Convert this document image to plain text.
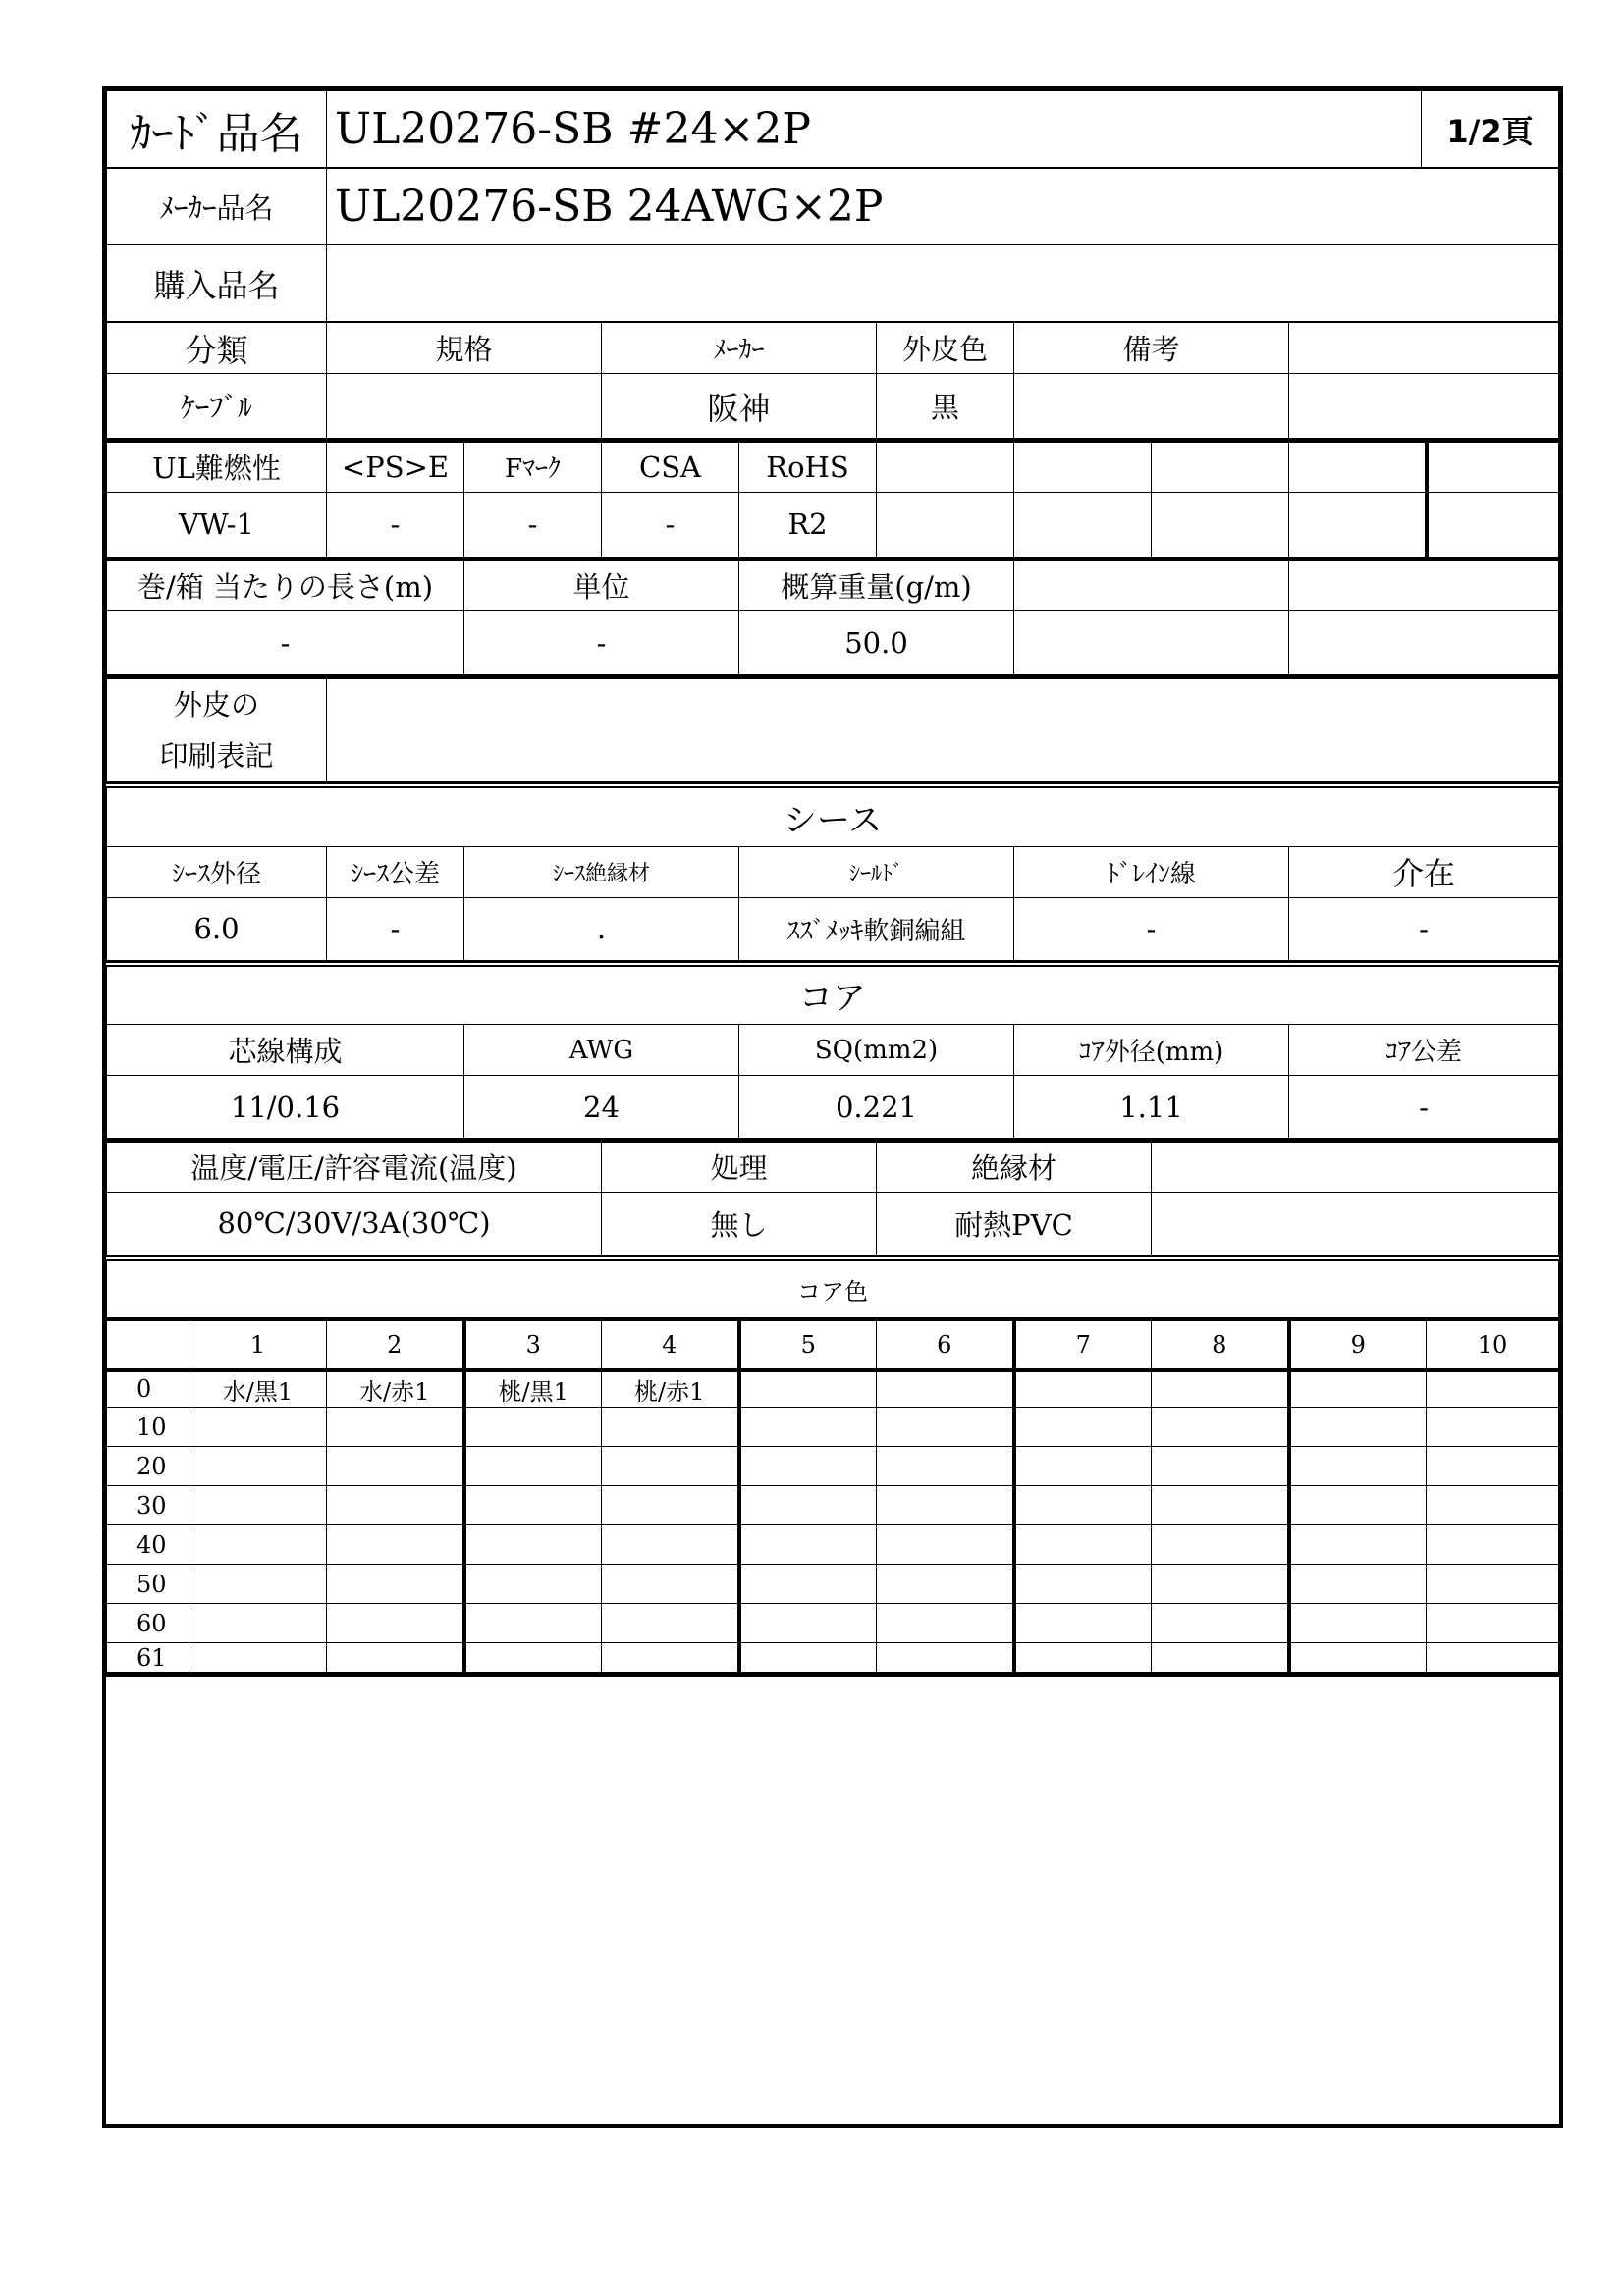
ｶｰﾄﾞ品名	UL20276-SB #24×2P	1/2頁
ﾒｰｶｰ品名	UL20276-SB 24AWG×2P
購入品名	
分類	規格	ﾒｰｶｰ	外皮色	備考	
ｹｰﾌﾞﾙ		阪神	黒		
UL難燃性	<PS>E	Fﾏｰｸ	CSA	RoHS					
VW-1	-	-	-	R2					
巻/箱 当たりの長さ(m)	単位	概算重量(g/m)		
-	-	50.0		
外皮の
印刷表記

シース					
ｼｰｽ外径	ｼｰｽ公差	ｼｰｽ絶縁材	ｼｰﾙﾄﾞ	ﾄﾞﾚｲﾝ線	介在
6.0	-	.	ｽｽﾞﾒｯｷ軟銅編組	-	-
コア				
芯線構成	AWG	SQ(mm2)	ｺｱ外径(mm)	ｺｱ公差
11/0.16	24	0.221	1.11	-
温度/電圧/許容電流(温度)	処理	絶縁材	
80℃/30V/3A(30℃)	無し	耐熱PVC	
コア色										
	1	2	3	4	5	6	7	8	9	10
0	水/黒1	水/赤1	桃/黒1	桃/赤1						
10										
20										
30										
40										
50										
60										
61										
